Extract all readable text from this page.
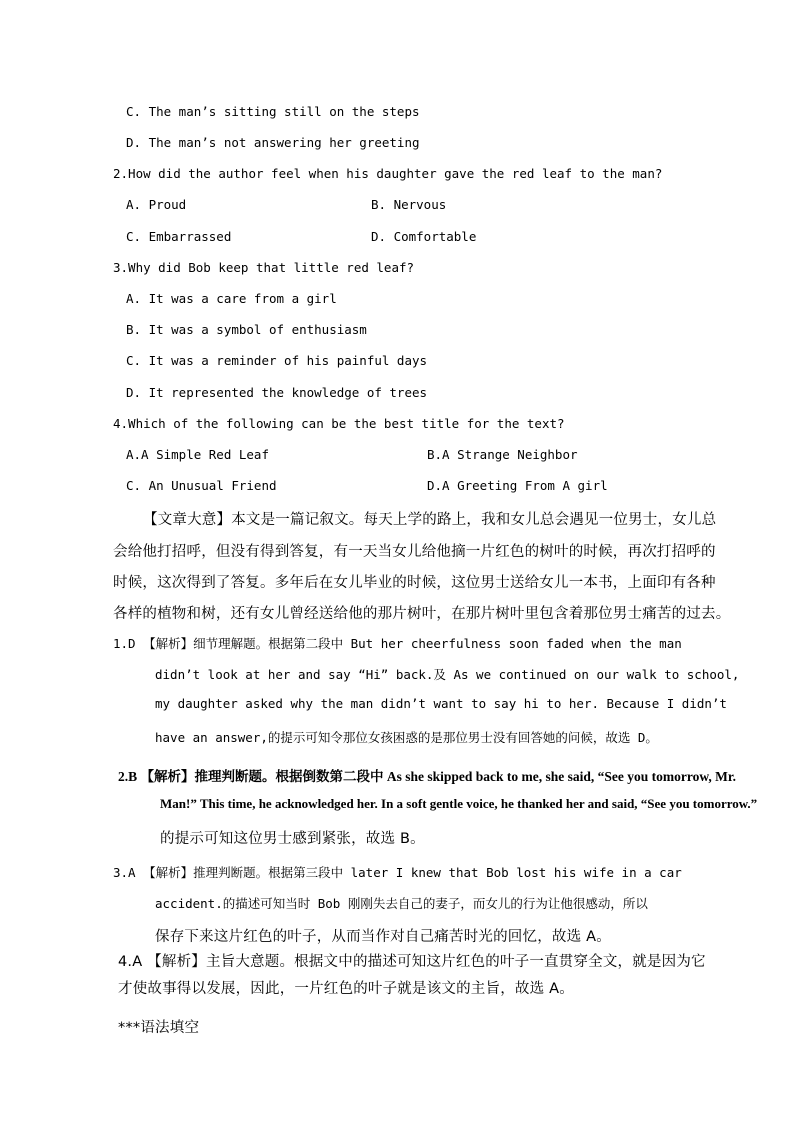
C. The man’s sitting still on the steps
D. The man’s not answering her greeting
2.How did the author feel when his daughter gave the red leaf to the man?
A. Proud	B. Nervous
C. Embarrassed	D. Comfortable
3.Why did Bob keep that little red leaf?
A. It was a care from a girl
B. It was a symbol of enthusiasm
C. It was a reminder of his painful days
D. It represented the knowledge of trees
4.Which of the following can be the best title for the text?
A.A Simple Red Leaf	B.A Strange Neighbor
C. An Unusual Friend	D.A Greeting From A girl
【文章大意】本文是一篇记叙文。每天上学的路上，我和女儿总会遇见一位男士，女儿总
会给他打招呼，但没有得到答复，有一天当女儿给他摘一片红色的树叶的时候，再次打招呼的
时候，这次得到了答复。多年后在女儿毕业的时候，这位男士送给女儿一本书，上面印有各种
各样的植物和树，还有女儿曾经送给他的那片树叶，在那片树叶里包含着那位男士痛苦的过去。
1.D 【解析】细节理解题。根据第二段中 But her cheerfulness soon faded when the man
didn’t look at her and say “Hi” back.及 As we continued on our walk to school,
my daughter asked why the man didn’t want to say hi to her. Because I didn’t
have an answer,的提示可知令那位女孩困惑的是那位男士没有回答她的问候，故选 D。
2.B 【解析】推理判断题。根据倒数第二段中 As she skipped back to me, she said, “See you tomorrow, Mr.
Man!” This time, he acknowledged her. In a soft gentle voice, he thanked her and said, “See you tomorrow.”
的提示可知这位男士感到紧张，故选 B。
3.A 【解析】推理判断题。根据第三段中 later I knew that Bob lost his wife in a car
accident.的描述可知当时 Bob 刚刚失去自己的妻子，而女儿的行为让他很感动，所以
保存下来这片红色的叶子，从而当作对自己痛苦时光的回忆，故选 A。
4.A 【解析】主旨大意题。根据文中的描述可知这片红色的叶子一直贯穿全文，就是因为它
才使故事得以发展，因此，一片红色的叶子就是该文的主旨，故选 A。
***语法填空
